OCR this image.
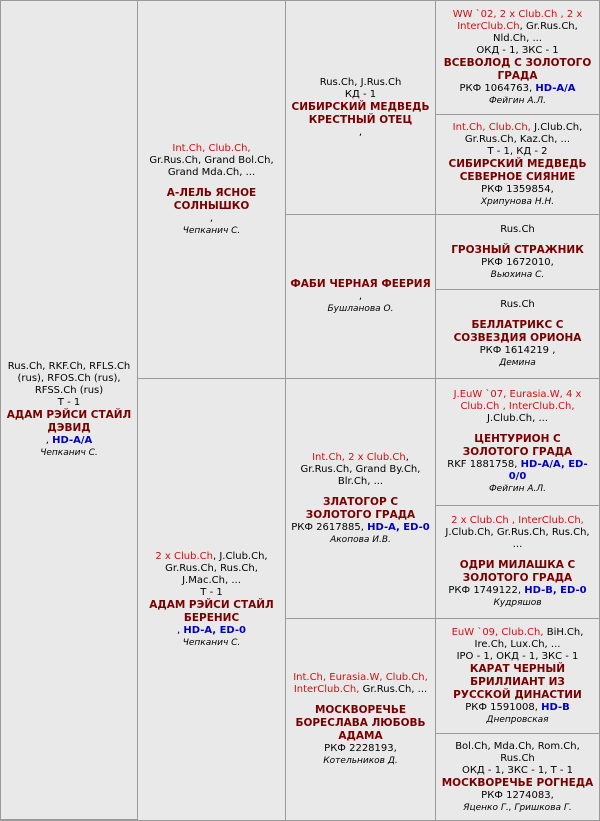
Rus.Ch, RKF.Ch, RFLS.Ch (rus), RFOS.Ch (rus), RFSS.Ch (rus)
Т - 1
АДАМ РЭЙСИ СТАЙЛ ДЭВИД
, HD-A/A
Чепканич С.
Int.Ch, Club.Ch,
Gr.Rus.Ch, Grand Bol.Ch, Grand Mda.Ch, ...
А-ЛЕЛЬ ЯСНОЕ СОЛНЫШКО
,
Чепканич С.
2 x Club.Ch, J.Club.Ch, Gr.Rus.Ch, Rus.Ch, J.Mac.Ch, ...
Т - 1
АДАМ РЭЙСИ СТАЙЛ БЕРЕНИС
, HD-A, ED-0
Чепканич С.
Rus.Ch, J.Rus.Ch
КД - 1
СИБИРСКИЙ МЕДВЕДЬ КРЕСТНЫЙ ОТЕЦ
,
ФАБИ ЧЕРНАЯ ФЕЕРИЯ
,
Бушланова О.
Int.Ch, 2 x Club.Ch, Gr.Rus.Ch, Grand By.Ch, Blr.Ch, ...
ЗЛАТОГОР С ЗОЛОТОГО ГРАДА
РКФ 2617885, HD-A, ED-0
Акопова И.В.
Int.Ch, Eurasia.W, Club.Ch, InterClub.Ch, Gr.Rus.Ch, ...
МОСКВОРЕЧЬЕ БОРЕСЛАВА ЛЮБОВЬ АДАМА
РКФ 2228193,
Котельников Д.
WW `02, 2 x Club.Ch , 2 x InterClub.Ch, Gr.Rus.Ch, Nld.Ch, ...
ОКД - 1, ЗКС - 1
ВСЕВОЛОД С ЗОЛОТОГО ГРАДА
РКФ 1064763, HD-A/A
Фейгин А.Л.
Int.Ch, Club.Ch, J.Club.Ch, Gr.Rus.Ch, Kaz.Ch, ...
Т - 1, КД - 2
СИБИРСКИЙ МЕДВЕДЬ СЕВЕРНОЕ СИЯНИЕ
РКФ 1359854,
Хрипунова Н.Н.
Rus.Ch
ГРОЗНЫЙ СТРАЖНИК
РКФ 1672010,
Вьюхина С.
Rus.Ch
БЕЛЛАТРИКС С СОЗВЕЗДИЯ ОРИОНА
РКФ 1614219 ,
Демина
J.EuW `07, Eurasia.W, 4 x Club.Ch , InterClub.Ch,
J.Club.Ch, ...
ЦЕНТУРИОН С ЗОЛОТОГО ГРАДА
RKF 1881758, HD-A/A, ED-0/0
Фейгин А.Л.
2 x Club.Ch , InterClub.Ch,
J.Club.Ch, Gr.Rus.Ch, Rus.Ch, ...
ОДРИ МИЛАШКА С ЗОЛОТОГО ГРАДА
РКФ 1749122, HD-B, ED-0
Кудряшов
EuW `09, Club.Ch, BiH.Ch, Ire.Ch, Lux.Ch, ...
IPO - 1, ОКД - 1, ЗКС - 1
КАРАТ ЧЕРНЫЙ БРИЛЛИАНТ ИЗ РУССКОЙ ДИНАСТИИ
РКФ 1591008, HD-B
Днепровская
Bol.Ch, Mda.Ch, Rom.Ch, Rus.Ch
ОКД - 1, ЗКС - 1, Т - 1
МОСКВОРЕЧЬЕ РОГНЕДА
РКФ 1274083,
Яценко Г., Гришкова Г.
